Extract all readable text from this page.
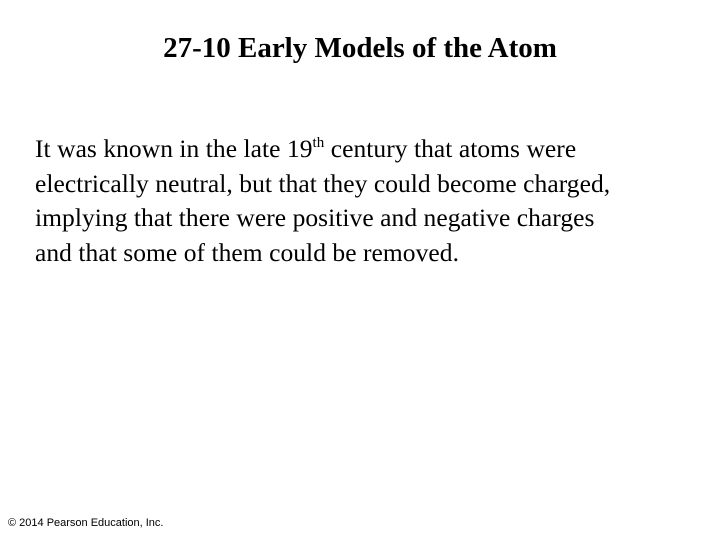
27-10 Early Models of the Atom
It was known in the late 19th century that atoms were
electrically neutral, but that they could become charged,
implying that there were positive and negative charges
and that some of them could be removed.
© 2014 Pearson Education, Inc.
